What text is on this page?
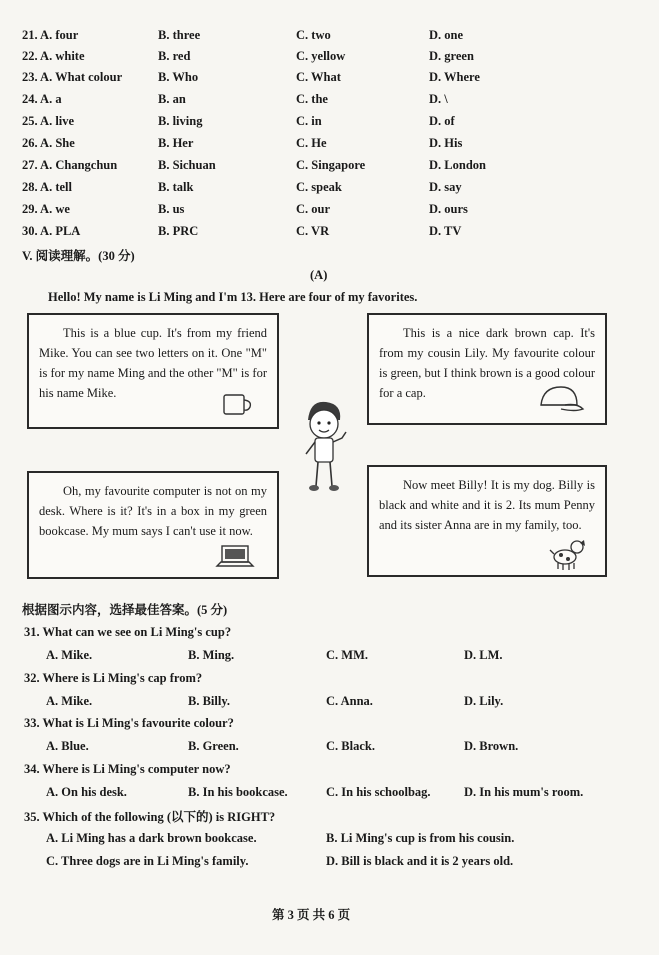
21. A. four	B. three	C. two	D. one
22. A. white	B. red	C. yellow	D. green
23. A. What colour	B. Who	C. What	D. Where
24. A. a	B. an	C. the	D. \
25. A. live	B. living	C. in	D. of
26. A. She	B. Her	C. He	D. His
27. A. Changchun	B. Sichuan	C. Singapore	D. London
28. A. tell	B. talk	C. speak	D. say
29. A. we	B. us	C. our	D. ours
30. A. PLA	B. PRC	C. VR	D. TV
V. 阅读理解。(30 分)
(A)
Hello! My name is Li Ming and I'm 13. Here are four of my favorites.

This is a blue cup. It's from my friend Mike. You can see two letters on it. One "M" is for my name Ming and the other "M" is for his name Mike.

This is a nice dark brown cap. It's from my cousin Lily. My favourite colour is green, but I think brown is a good colour for a cap.

Oh, my favourite computer is not on my desk. Where is it? It's in a box in my green bookcase. My mum says I can't use it now.

Now meet Billy! It is my dog. Billy is black and white and it is 2. Its mum Penny and its sister Anna are in my family, too.

根据图示内容，选择最佳答案。(5 分)
31. What can we see on Li Ming's cup?
A. Mike.	B. Ming.	C. MM.	D. LM.
32. Where is Li Ming's cap from?
A. Mike.	B. Billy.	C. Anna.	D. Lily.
33. What is Li Ming's favourite colour?
A. Blue.	B. Green.	C. Black.	D. Brown.
34. Where is Li Ming's computer now?
A. On his desk.	B. In his bookcase.	C. In his schoolbag.	D. In his mum's room.
35. Which of the following (以下的) is RIGHT?
A. Li Ming has a dark brown bookcase.	B. Li Ming's cup is from his cousin.
C. Three dogs are in Li Ming's family.	D. Bill is black and it is 2 years old.
第 3 页 共 6 页
